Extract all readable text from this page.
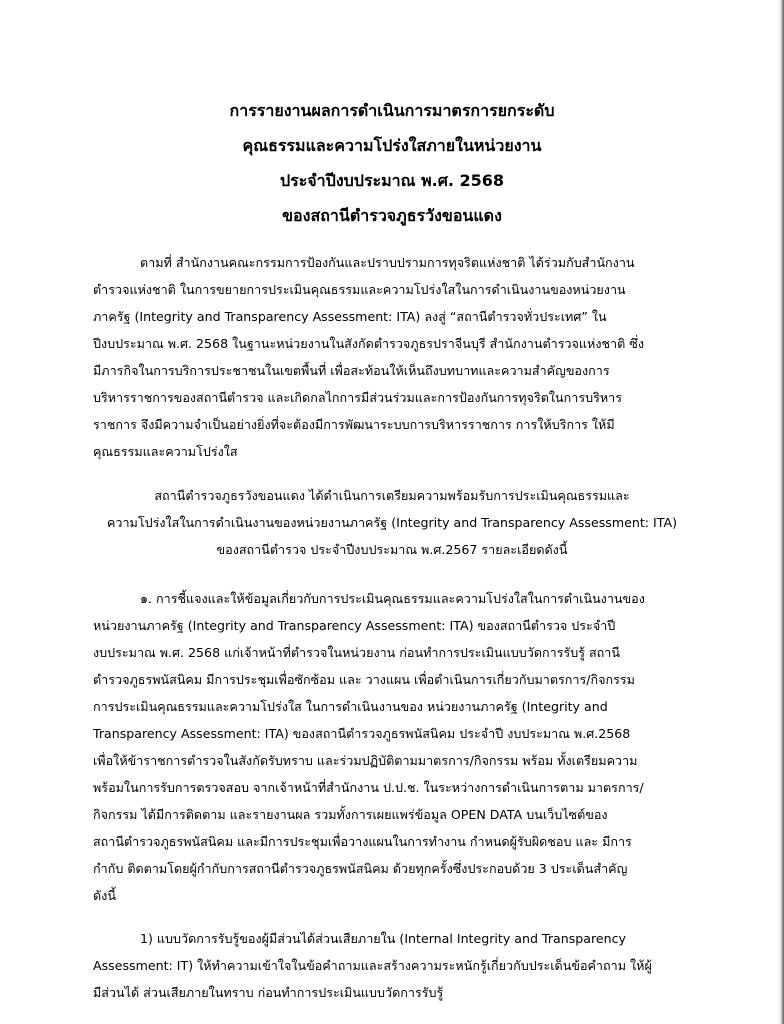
การรายงานผลการดำเนินการมาตรการยกระดับ
คุณธรรมและความโปร่งใสภายในหน่วยงาน
ประจำปีงบประมาณ พ.ศ. 2568
ของสถานีตำรวจภูธรวังขอนแดง
ตามที่ สำนักงานคณะกรรมการป้องกันและปราบปรามการทุจริตแห่งชาติ ได้ร่วมกับสำนักงาน
ตำรวจแห่งชาติ ในการขยายการประเมินคุณธรรมและความโปร่งใสในการดำเนินงานของหน่วยงาน
ภาครัฐ (Integrity and Transparency Assessment: ITA) ลงสู่ “สถานีตำรวจทั่วประเทศ” ใน
ปีงบประมาณ พ.ศ. 2568 ในฐานะหน่วยงานในสังกัดตำรวจภูธรปราจีนบุรี สำนักงานตำรวจแห่งชาติ ซึ่ง
มีภารกิจในการบริการประชาชนในเขตพื้นที่ เพื่อสะท้อนให้เห็นถึงบทบาทและความสำคัญของการ
บริหารราชการของสถานีตำรวจ และเกิดกลไกการมีส่วนร่วมและการป้องกันการทุจริตในการบริหาร
ราชการ จึงมีความจำเป็นอย่างยิ่งที่จะต้องมีการพัฒนาระบบการบริหารราชการ การให้บริการ ให้มี
คุณธรรมและความโปร่งใส
สถานีตำรวจภูธรวังขอนแดง ได้ดำเนินการเตรียมความพร้อมรับการประเมินคุณธรรมและ
ความโปร่งใสในการดำเนินงานของหน่วยงานภาครัฐ (Integrity and Transparency Assessment: ITA)
ของสถานีตำรวจ ประจำปีงบประมาณ พ.ศ.2567 รายละเอียดดังนี้
๑. การชี้แจงและให้ข้อมูลเกี่ยวกับการประเมินคุณธรรมและความโปร่งใสในการดำเนินงานของ
หน่วยงานภาครัฐ (Integrity and Transparency Assessment: ITA) ของสถานีตำรวจ ประจำปี
งบประมาณ พ.ศ. 2568 แก่เจ้าหน้าที่ตำรวจในหน่วยงาน ก่อนทำการประเมินแบบวัดการรับรู้ สถานี
ตำรวจภูธรพนัสนิคม มีการประชุมเพื่อซักซ้อม และ วางแผน เพื่อดำเนินการเกี่ยวกับมาตรการ/กิจกรรม
การประเมินคุณธรรมและความโปร่งใส ในการดำเนินงานของ หน่วยงานภาครัฐ (Integrity and
Transparency Assessment: ITA) ของสถานีตำรวจภูธรพนัสนิคม ประจำปี งบประมาณ พ.ศ.2568
เพื่อให้ข้าราชการตำรวจในสังกัดรับทราบ และร่วมปฏิบัติตามมาตรการ/กิจกรรม พร้อม ทั้งเตรียมความ
พร้อมในการรับการตรวจสอบ จากเจ้าหน้าที่สำนักงาน ป.ป.ช. ในระหว่างการดำเนินการตาม มาตรการ/
กิจกรรม ได้มีการติดตาม และรายงานผล รวมทั้งการเผยแพร่ข้อมูล OPEN DATA บนเว็บไซต์ของ
สถานีตำรวจภูธรพนัสนิคม และมีการประชุมเพื่อวางแผนในการทำงาน กำหนดผู้รับผิดชอบ และ มีการ
กำกับ ติดตามโดยผู้กำกับการสถานีตำรวจภูธรพนัสนิคม ด้วยทุกครั้งซึ่งประกอบด้วย 3 ประเด็นสำคัญ
ดังนี้
1) แบบวัดการรับรู้ของผู้มีส่วนได้ส่วนเสียภายใน (Internal Integrity and Transparency
Assessment: IT) ให้ทำความเข้าใจในข้อคำถามและสร้างความระหนักรู้เกี่ยวกับประเด็นข้อคำถาม ให้ผู้
มีส่วนได้ ส่วนเสียภายในทราบ ก่อนทำการประเมินแบบวัดการรับรู้
